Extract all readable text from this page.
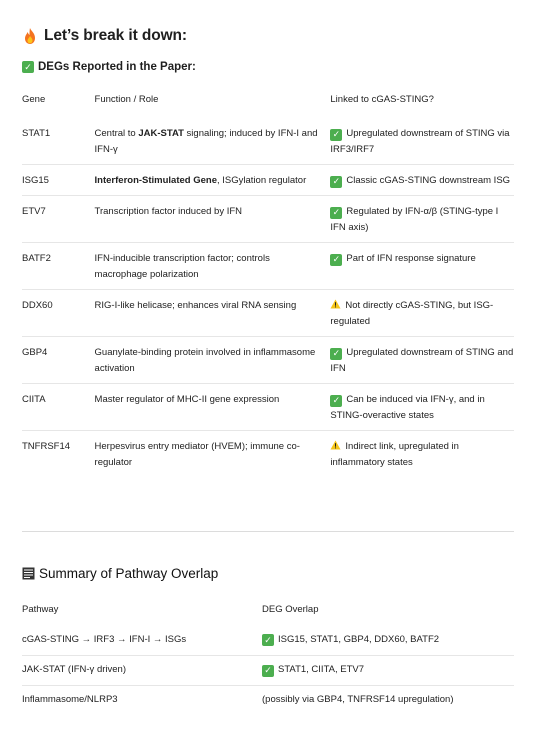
Let’s break it down:
✓ DEGs Reported in the Paper:
Gene	Function / Role	Linked to cGAS-STING?
STAT1	Central to JAK-STAT signaling; induced by IFN-I and IFN-γ	✓ Upregulated downstream of STING via IRF3/IRF7
ISG15	Interferon-Stimulated Gene, ISGylation regulator	✓ Classic cGAS-STING downstream ISG
ETV7	Transcription factor induced by IFN	✓ Regulated by IFN-α/β (STING-type I IFN axis)
BATF2	IFN-inducible transcription factor; controls macrophage polarization	✓ Part of IFN response signature
DDX60	RIG-I-like helicase; enhances viral RNA sensing	Not directly cGAS-STING, but ISG-regulated
GBP4	Guanylate-binding protein involved in inflammasome activation	✓ Upregulated downstream of STING and IFN
CIITA	Master regulator of MHC-II gene expression	✓ Can be induced via IFN-γ, and in STING-overactive states
TNFRSF14	Herpesvirus entry mediator (HVEM); immune co-regulator	Indirect link, upregulated in inflammatory states
Summary of Pathway Overlap
Pathway	DEG Overlap
cGAS-STING → IRF3 → IFN-I → ISGs	✓ ISG15, STAT1, GBP4, DDX60, BATF2
JAK-STAT (IFN-γ driven)	✓ STAT1, CIITA, ETV7
Inflammasome/NLRP3	(possibly via GBP4, TNFRSF14 upregulation)
